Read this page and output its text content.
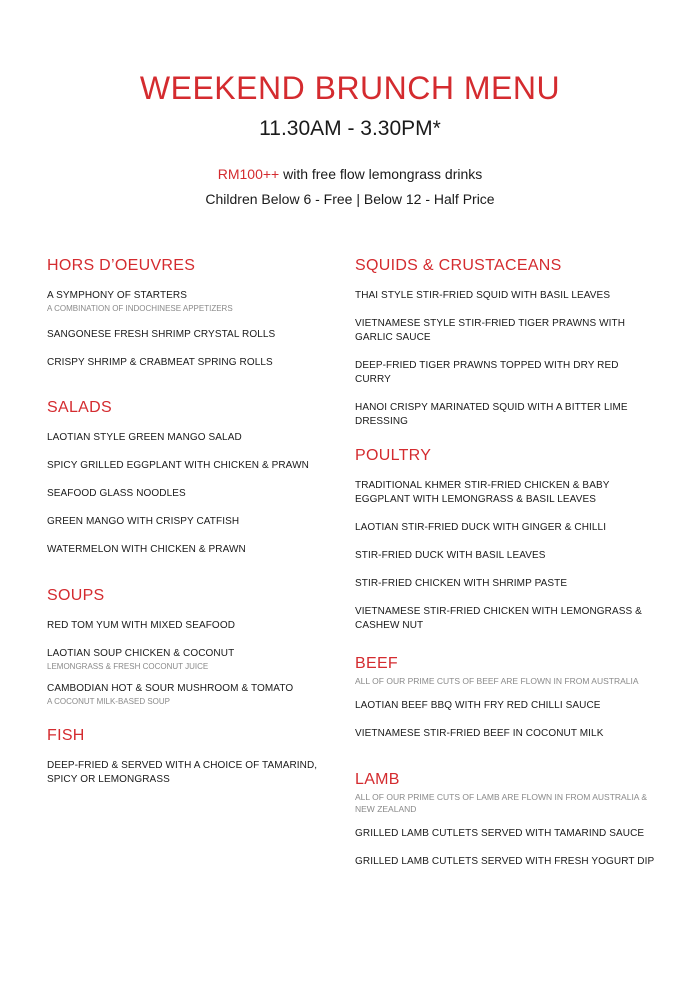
WEEKEND BRUNCH MENU
11.30AM - 3.30PM*
RM100++ with free flow lemongrass drinks
Children Below 6 - Free | Below 12 - Half Price
HORS D’OEUVRES
A SYMPHONY OF STARTERS
A COMBINATION OF INDOCHINESE APPETIZERS
SANGONESE FRESH SHRIMP CRYSTAL ROLLS
CRISPY SHRIMP & CRABMEAT SPRING ROLLS
SALADS
LAOTIAN STYLE GREEN MANGO SALAD
SPICY GRILLED EGGPLANT WITH CHICKEN & PRAWN
SEAFOOD GLASS NOODLES
GREEN MANGO WITH CRISPY CATFISH
WATERMELON WITH CHICKEN & PRAWN
SOUPS
RED TOM YUM WITH MIXED SEAFOOD
LAOTIAN SOUP CHICKEN & COCONUT
LEMONGRASS & FRESH COCONUT JUICE
CAMBODIAN HOT & SOUR MUSHROOM & TOMATO
A COCONUT MILK-BASED SOUP
FISH
DEEP-FRIED & SERVED WITH A CHOICE OF TAMARIND, SPICY OR LEMONGRASS
SQUIDS & CRUSTACEANS
THAI STYLE STIR-FRIED SQUID WITH BASIL LEAVES
VIETNAMESE STYLE STIR-FRIED TIGER PRAWNS WITH GARLIC SAUCE
DEEP-FRIED TIGER PRAWNS TOPPED WITH DRY RED CURRY
HANOI CRISPY MARINATED SQUID WITH A BITTER LIME DRESSING
POULTRY
TRADITIONAL KHMER STIR-FRIED CHICKEN & BABY EGGPLANT WITH LEMONGRASS & BASIL LEAVES
LAOTIAN STIR-FRIED DUCK WITH GINGER & CHILLI
STIR-FRIED DUCK WITH BASIL LEAVES
STIR-FRIED CHICKEN WITH SHRIMP PASTE
VIETNAMESE STIR-FRIED CHICKEN WITH LEMONGRASS & CASHEW NUT
BEEF
ALL OF OUR PRIME CUTS OF BEEF ARE FLOWN IN FROM AUSTRALIA
LAOTIAN BEEF BBQ WITH FRY RED CHILLI SAUCE
VIETNAMESE STIR-FRIED BEEF IN COCONUT MILK
LAMB
ALL OF OUR PRIME CUTS OF LAMB ARE FLOWN IN FROM AUSTRALIA & NEW ZEALAND
GRILLED LAMB CUTLETS SERVED WITH TAMARIND SAUCE
GRILLED LAMB CUTLETS SERVED WITH FRESH YOGURT DIP
